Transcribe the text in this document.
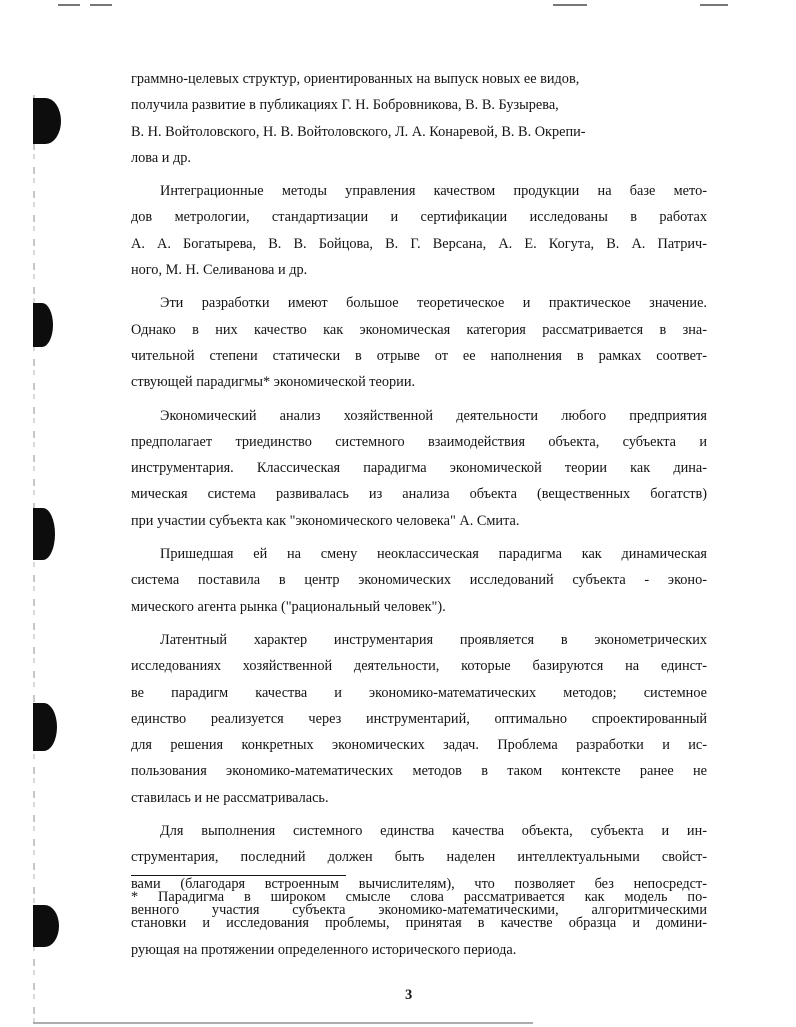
граммно-целевых структур, ориентированных на выпуск новых ее видов,
получила развитие в публикациях Г. Н. Бобровникова, В. В. Бузырева,
В. Н. Войтоловского, Н. В. Войтоловского, Л. А. Конаревой, В. В. Окрепи-
лова и др.

Интеграционные методы управления качеством продукции на базе мето-
дов метрологии, стандартизации и сертификации исследованы в работах
А. А. Богатырева, В. В. Бойцова, В. Г. Версана, А. Е. Когута, В. А. Патрич-
ного, М. Н. Селиванова и др.

Эти разработки имеют большое теоретическое и практическое значение.
Однако в них качество как экономическая категория рассматривается в зна-
чительной степени статически в отрыве от ее наполнения в рамках соответ-
ствующей парадигмы* экономической теории.

Экономический анализ хозяйственной деятельности любого предприятия
предполагает триединство системного взаимодействия объекта, субъекта и
инструментария. Классическая парадигма экономической теории как дина-
мическая система развивалась из анализа объекта (вещественных богатств)
при участии субъекта как "экономического человека" А. Смита.

Пришедшая ей на смену неоклассическая парадигма как динамическая
система поставила в центр экономических исследований субъекта - эконо-
мического агента рынка ("рациональный человек").

Латентный характер инструментария проявляется в эконометрических
исследованиях хозяйственной деятельности, которые базируются на единст-
ве парадигм качества и экономико-математических методов; системное
единство реализуется через инструментарий, оптимально спроектированный
для решения конкретных экономических задач. Проблема разработки и ис-
пользования экономико-математических методов в таком контексте ранее не
ставилась и не рассматривалась.

Для выполнения системного единства качества объекта, субъекта и ин-
струментария, последний должен быть наделен интеллектуальными свойст-
вами (благодаря встроенным вычислителям), что позволяет без непосредст-
венного участия субъекта экономико-математическими, алгоритмическими

* Парадигма в широком смысле слова рассматривается как модель по-
становки и исследования проблемы, принятая в качестве образца и домини-
рующая на протяжении определенного исторического периода.
3
